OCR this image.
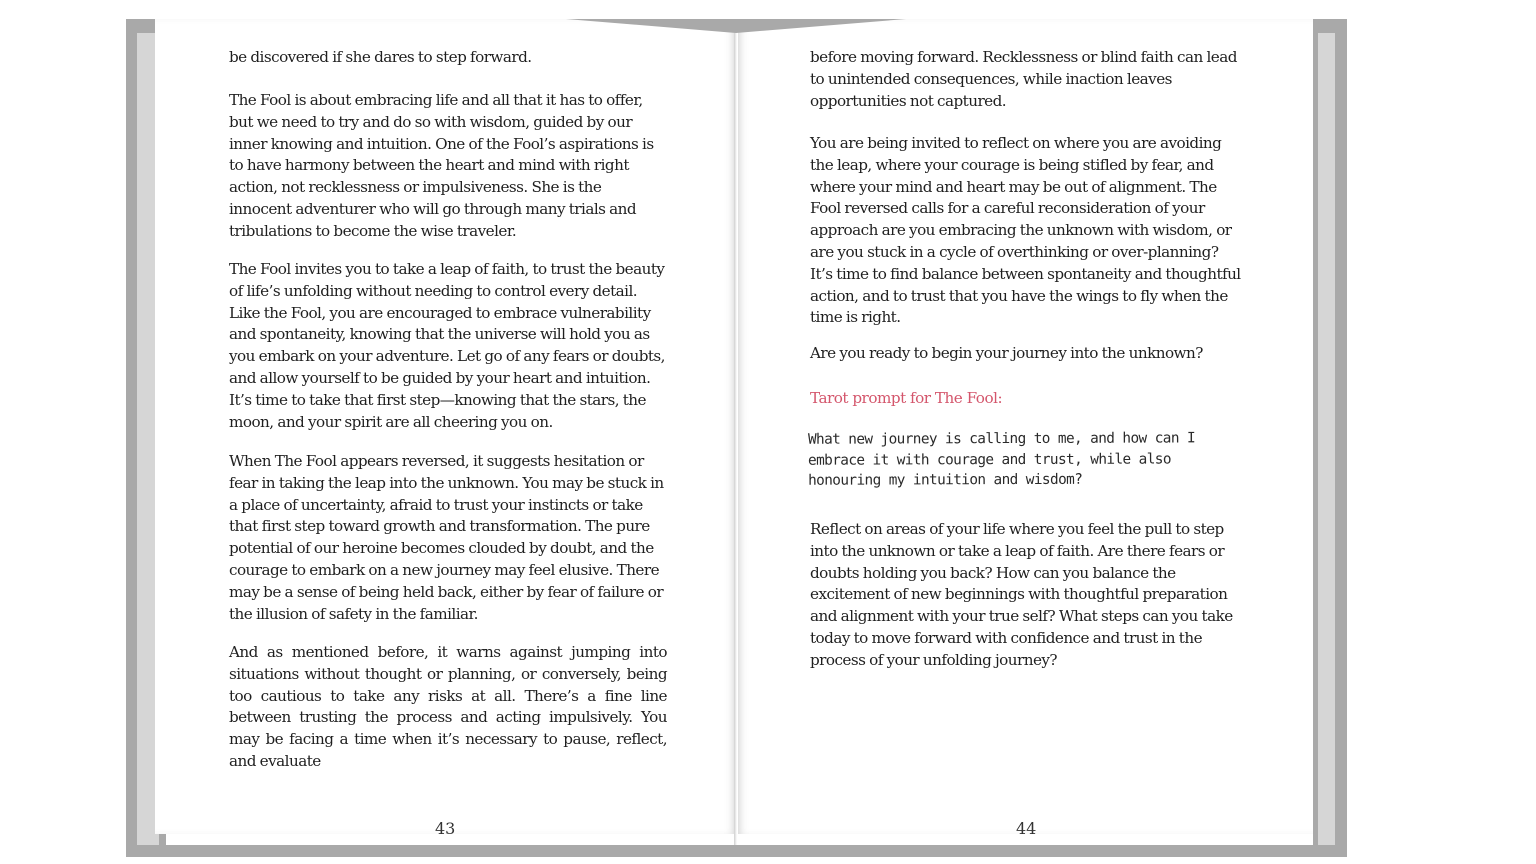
be discovered if she dares to step forward.

The Fool is about embracing life and all that it has to offer, but we need to try and do so with wisdom, guided by our inner knowing and intuition. One of the Fool’s aspirations is to have harmony between the heart and mind with right action, not recklessness or impulsiveness. She is the innocent adventurer who will go through many trials and tribulations to become the wise traveler.

The Fool invites you to take a leap of faith, to trust the beauty of life’s unfolding without needing to control every detail. Like the Fool, you are encouraged to embrace vulnerability and spontaneity, knowing that the universe will hold you as you embark on your adventure. Let go of any fears or doubts, and allow yourself to be guided by your heart and intuition. It’s time to take that first step—knowing that the stars, the moon, and your spirit are all cheering you on.

When The Fool appears reversed, it suggests hesitation or fear in taking the leap into the unknown. You may be stuck in a place of uncertainty, afraid to trust your instincts or take that first step toward growth and transformation. The pure potential of our heroine becomes clouded by doubt, and the courage to embark on a new journey may feel elusive. There may be a sense of being held back, either by fear of failure or the illusion of safety in the familiar.

And as mentioned before, it warns against jumping into situations without thought or planning, or conversely, being too cautious to take any risks at all. There’s a fine line between trusting the process and acting impulsively. You may be facing a time when it’s necessary to pause, reflect, and evaluate

43

before moving forward. Recklessness or blind faith can lead to unintended consequences, while inaction leaves opportunities not captured.

You are being invited to reflect on where you are avoiding the leap, where your courage is being stifled by fear, and where your mind and heart may be out of alignment. The Fool reversed calls for a careful reconsideration of your approach are you embracing the unknown with wisdom, or are you stuck in a cycle of overthinking or over-planning? It’s time to find balance between spontaneity and thoughtful action, and to trust that you have the wings to fly when the time is right.

Are you ready to begin your journey into the unknown?

Tarot prompt for The Fool:
What new journey is calling to me, and how can I embrace it with courage and trust, while also honouring my intuition and wisdom?

Reflect on areas of your life where you feel the pull to step into the unknown or take a leap of faith. Are there fears or doubts holding you back? How can you balance the excitement of new beginnings with thoughtful preparation and alignment with your true self? What steps can you take today to move forward with confidence and trust in the process of your unfolding journey?

44
